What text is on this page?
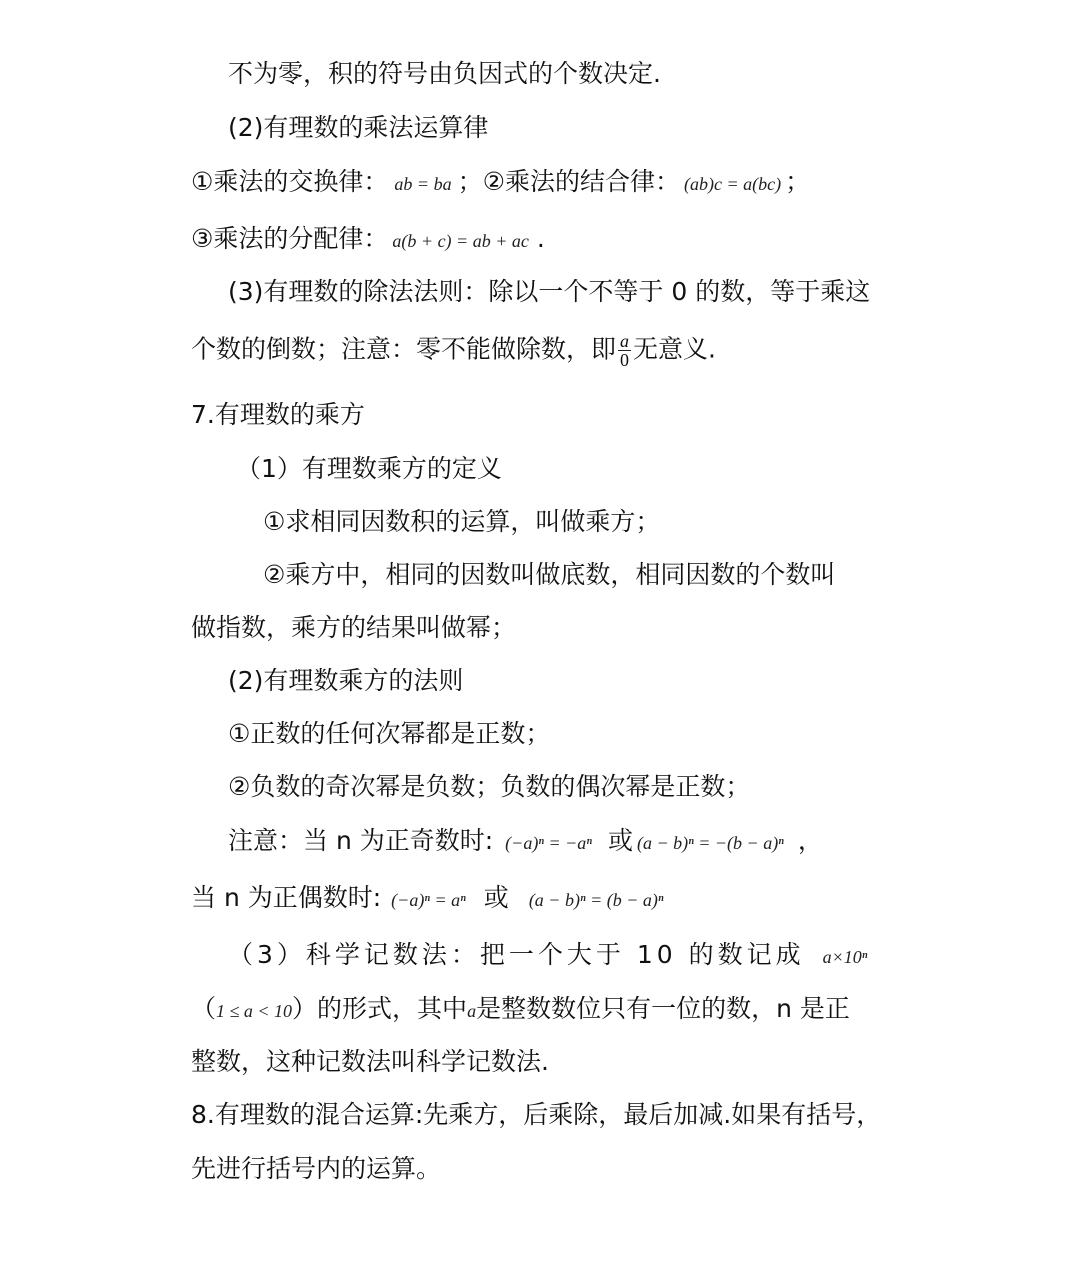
不为零，积的符号由负因式的个数决定.
(2)有理数的乘法运算律
①乘法的交换律： ab = ba ；②乘法的结合律： (ab)c = a(bc) ；
③乘法的分配律： a(b + c) = ab + ac .
(3)有理数的除法法则：除以一个不等于 0 的数，等于乘这
个数的倒数；注意：零不能做除数，即 $\frac{a}{0}$ 无意义.
7.有理数的乘方
（1）有理数乘方的定义
①求相同因数积的运算，叫做乘方；
②乘方中，相同的因数叫做底数，相同因数的个数叫
做指数，乘方的结果叫做幂；
(2)有理数乘方的法则
①正数的任何次幂都是正数；
②负数的奇次幂是负数；负数的偶次幂是正数；
注意：当 n 为正奇数时: (−a)ⁿ = −aⁿ 或 (a − b)ⁿ = −(b − a)ⁿ ，
当 n 为正偶数时: (−a)ⁿ = aⁿ 或 (a − b)ⁿ = (b − a)ⁿ
（3）科学记数法：把一个大于 10 的数记成 a×10ⁿ
（1 ≤ a < 10）的形式，其中a是整数数位只有一位的数，n 是正
整数，这种记数法叫科学记数法.
8.有理数的混合运算:先乘方，后乘除，最后加减.如果有括号，
先进行括号内的运算。
